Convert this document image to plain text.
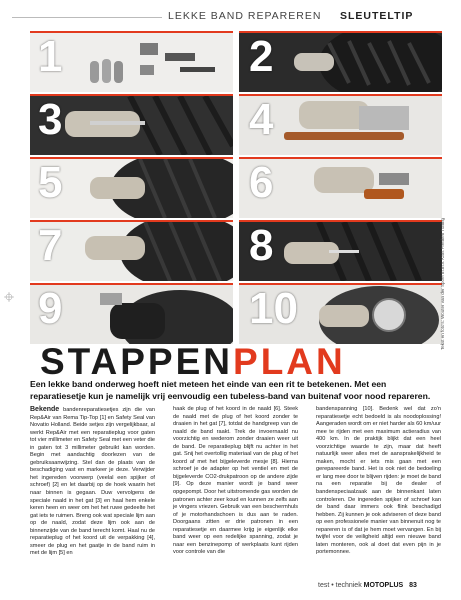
LEKKE BAND REPAREREN SLEUTELTIP
1	2
3	4
5	6
7	8
9	10	Tekst en foto's: Wouter van der Spoel m.m.v. Kars Frenken Tuning
STAPPENPLAN
Een lekke band onderweg hoeft niet meteen het einde van een rit te betekenen. Met een reparatiesetje kun je namelijk vrij eenvoudig een tubeless-band van buitenaf voor nood repareren.

Bekende bandenreparatiesetjes zijn die van Rep&Air van Rema Tip-Top [1] en Safety Seal van Novatio Holland. Beide setjes zijn vergelijkbaar, al werkt Rep&Air met een reparatieplug voor gaten tot vier millimeter en Safety Seal met een veter die in gaten tot 3 millimeter gebruikt kan worden. Begin met aandachtig doorlezen van de gebruiksaanwijzing. Stel dan de plaats van de beschadiging vast en markeer je deze. Verwijder het ingereden voorwerp (veelal een spijker of schroef) [2] en let daarbij op de hoek waarin het naar binnen is gegaan. Duw vervolgens de speciale naald in het gat [3] en haal hem enkele keren heen en weer om het het ruwe gedeelte het gat iets te ruimen. Breng ook wat speciale lijm aan op de naald, zodat deze lijm ook aan de binnenzijde van de band terecht komt. Haal nu de reparatieplug of het koord uit de verpakking [4], smeer de plug en het gaatje in de band ruim in met de lijm [5] en

haak de plug of het koord in de naald [6]. Steek de naald met de plug of het koord zonder te draaien in het gat [7], totdat de handgreep van de naald de band raakt. Trek de invoernaald nu voorzichtig en wederom zonder draaien weer uit de band. De reparatieplug blijft nu achter in het gat. Snij het overtollig materiaal van de plug of het koord af met het bijgeleverde mesje [8]. Hierna schroef je de adapter op het ventiel en met de bijgeleverde CO2-drukpatroon op de andere zijde [9]. Op deze manier wordt je band weer opgepompt. Door het uitstromende gas worden de patronen achter zeer koud en kunnen ze zelfs aan je vingers vriezen. Gebruik van een beschermhuls of je motorhandschoen is dus aan te raden. Doorgaans zitten er drie patronen in een reparatiesetje en daarmee krijg je eigenlijk elke band weer op een redelijke spanning, zodat je naar een benzinepomp of werkplaats kunt rijden voor controle van die

bandenspanning [10]. Bedenk wel dat zo'n reparatiesetje echt bedoeld is als noodoplossing! Aangeraden wordt om er niet harder als 60 km/uur mee te rijden met een maximum actieradius van 400 km. In de praktijk blijkt dat een heel voorzichtige waarde te zijn, maar dat heeft natuurlijk weer alles met de aansprakelijkheid te maken, mocht er iets mis gaan met een gerepareerde band. Het is ook niet de bedoeling er lang mee door te blijven rijden: je moet de band na een reparatie bij de dealer of bandenspeciaalzaak aan de binnenkant laten controleren. De ingereden spijker of schroef kan de band daar immers ook flink beschadigd hebben. Zij kunnen je ook adviseren of deze band op een professionele manier van binnenuit nog te repareren is of dat je hem moet vervangen. En bij twijfel voor de veiligheid altijd een nieuwe band laten monteren, ook al doet dat even pijn in je portemonnee.

test • techniek MOTOPLUS 83
